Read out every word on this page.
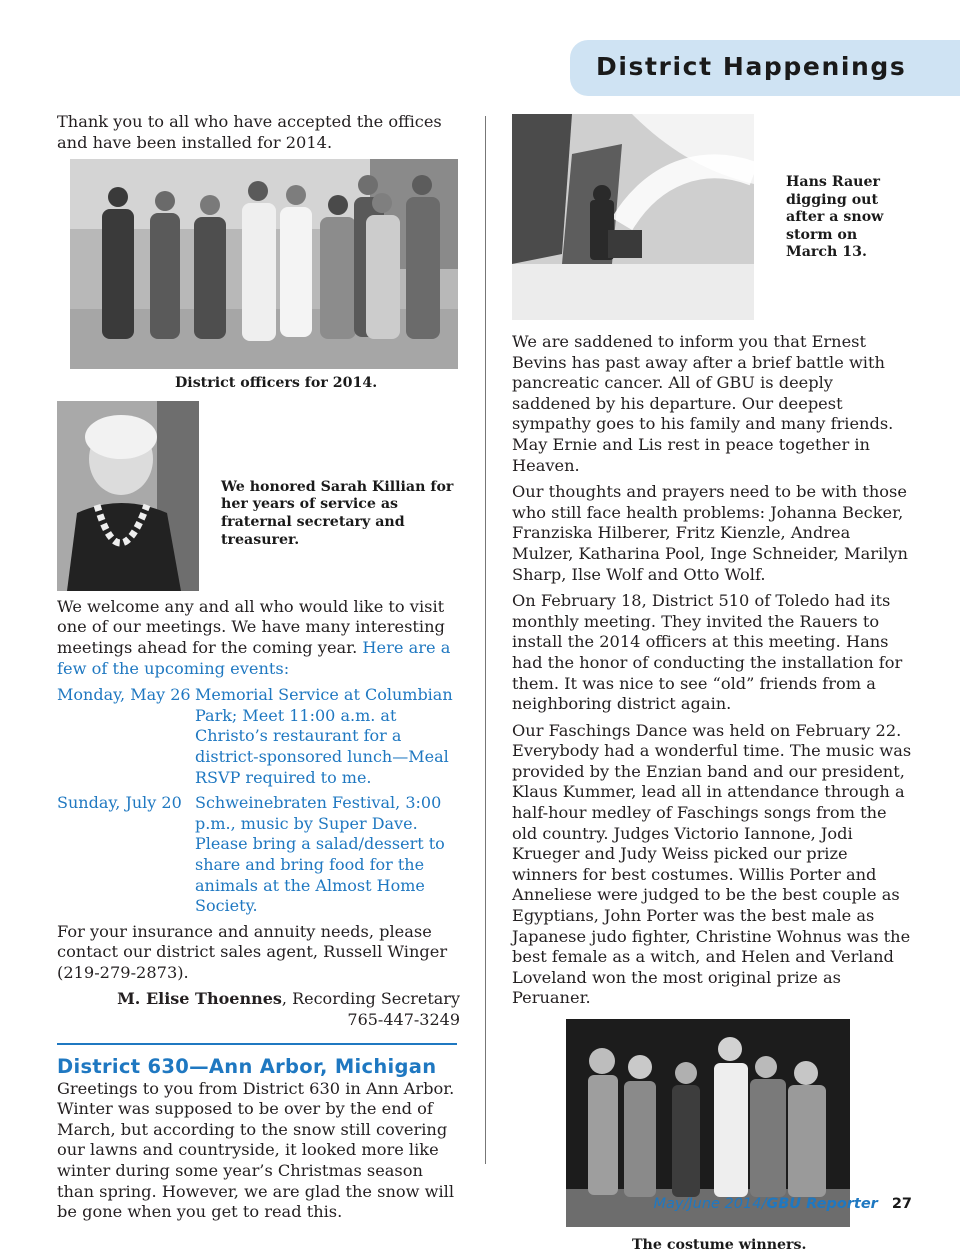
District Happenings

Thank you to all who have accepted the offices and have been installed for 2014.

District officers for 2014.

We honored Sarah Killian for her years of service as fraternal secretary and treasurer.

We welcome any and all who would like to visit one of our meetings. We have many interesting meetings ahead for the coming year. Here are a few of the upcoming events:

Monday, May 26 Memorial Service at Columbian Park; Meet 11:00 a.m. at Christo’s restaurant for a district-sponsored lunch—Meal RSVP required to me.
Sunday, July 20 Schweinebraten Festival, 3:00 p.m., music by Super Dave. Please bring a salad/dessert to share and bring food for the animals at the Almost Home Society.

For your insurance and annuity needs, please contact our district sales agent, Russell Winger (219-279-2873).

M. Elise Thoennes, Recording Secretary
765-447-3249
District 630—Ann Arbor, Michigan

Greetings to you from District 630 in Ann Arbor. Winter was supposed to be over by the end of March, but according to the snow still covering our lawns and countryside, it looked more like winter during some year’s Christmas season than spring. However, we are glad the snow will be gone when you get to read this.

Hans Rauer digging out after a snow storm on March 13.

We are saddened to inform you that Ernest Bevins has past away after a brief battle with pancreatic cancer. All of GBU is deeply saddened by his departure. Our deepest sympathy goes to his family and many friends. May Ernie and Lis rest in peace together in Heaven.

Our thoughts and prayers need to be with those who still face health problems: Johanna Becker, Franziska Hilberer, Fritz Kienzle, Andrea Mulzer, Katharina Pool, Inge Schneider, Marilyn Sharp, Ilse Wolf and Otto Wolf.

On February 18, District 510 of Toledo had its monthly meeting. They invited the Rauers to install the 2014 officers at this meeting. Hans had the honor of conducting the installation for them. It was nice to see “old” friends from a neighboring district again.

Our Faschings Dance was held on February 22. Everybody had a wonderful time. The music was provided by the Enzian band and our president, Klaus Kummer, lead all in attendance through a half-hour medley of Faschings songs from the old country. Judges Victorio Iannone, Jodi Krueger and Judy Weiss picked our prize winners for best costumes. Willis Porter and Anneliese were judged to be the best couple as Egyptians, John Porter was the best male as Japanese judo fighter, Christine Wohnus was the best female as a witch, and Helen and Verland Loveland won the most original prize as Peruaner.

The costume winners.

May/June 2014/GBU Reporter 27
